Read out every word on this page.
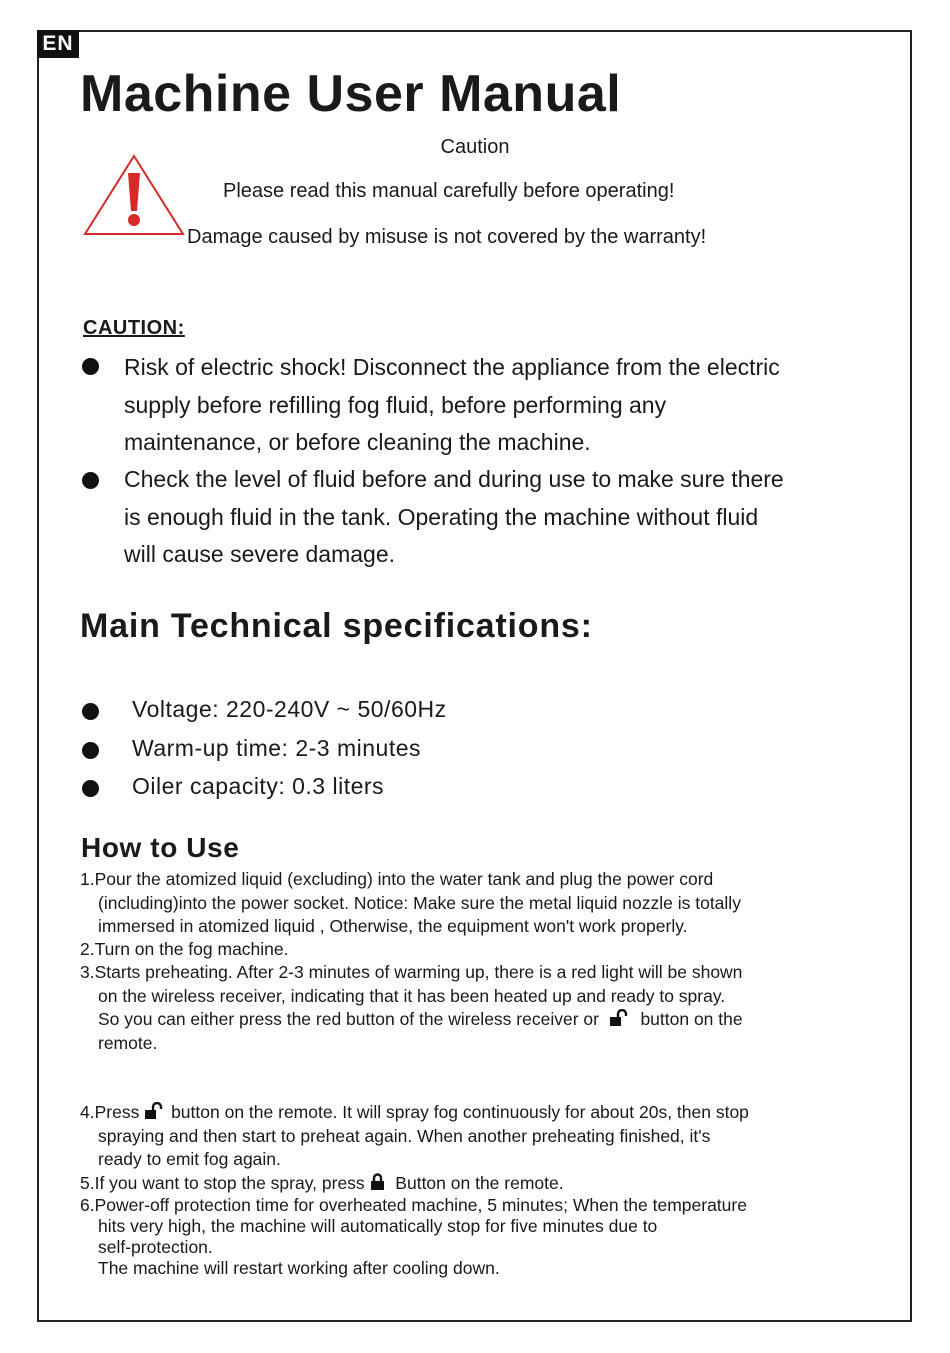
EN
Machine User Manual
Caution
Please read this manual carefully before operating!
Damage caused by misuse is not covered by the warranty!
CAUTION:
Risk of electric shock! Disconnect the appliance from the electric
supply before refilling fog fluid, before performing any
maintenance, or before cleaning the machine.
Check the level of fluid before and during use to make sure there
is enough fluid in the tank. Operating the machine without fluid
will cause severe damage.
Main Technical specifications:
Voltage: 220-240V ~ 50/60Hz
Warm-up time: 2-3 minutes
Oiler capacity: 0.3 liters
How to Use
1.Pour the atomized liquid (excluding) into the water tank and plug the power cord
(including)into the power socket. Notice: Make sure the metal liquid nozzle is totally
immersed in atomized liquid , Otherwise, the equipment won't work properly.
2.Turn on the fog machine.
3.Starts preheating. After 2-3 minutes of warming up, there is a red light will be shown
on the wireless receiver, indicating that it has been heated up and ready to spray.
So you can either press the red button of the wireless receiver or button on the
remote.
4.Press button on the remote. It will spray fog continuously for about 20s, then stop
spraying and then start to preheat again. When another preheating finished, it's
ready to emit fog again.
5.If you want to stop the spray, press Button on the remote.
6.Power-off protection time for overheated machine, 5 minutes; When the temperature
hits very high, the machine will automatically stop for five minutes due to
self-protection.
The machine will restart working after cooling down.
